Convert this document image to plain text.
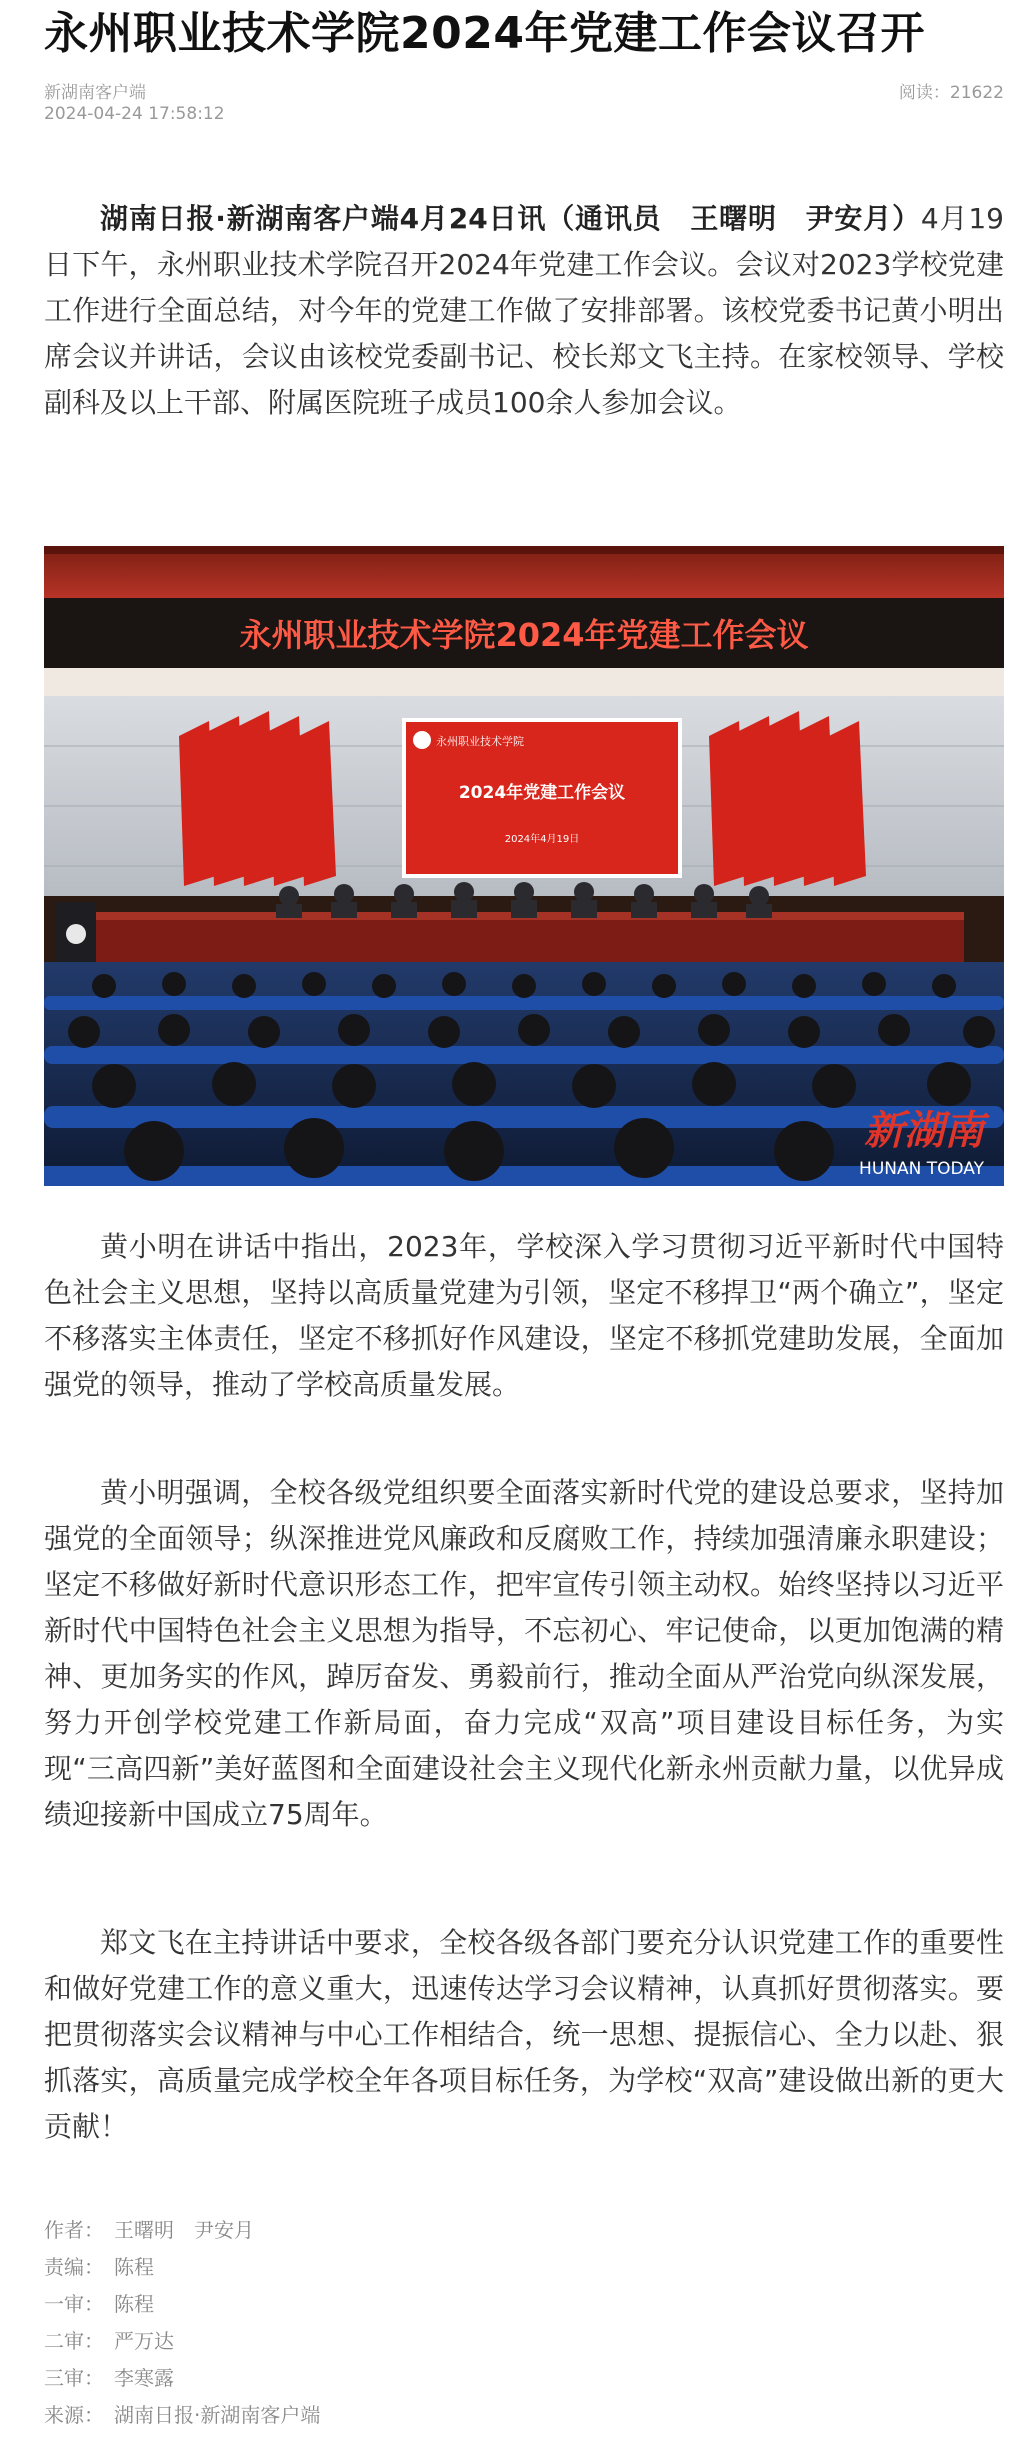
永州职业技术学院2024年党建工作会议召开
新湖南客户端
2024-04-24 17:58:12
阅读：21622

湖南日报·新湖南客户端4月24日讯（通讯员　王曙明　尹安月）4月19日下午，永州职业技术学院召开2024年党建工作会议。会议对2023学校党建工作进行全面总结，对今年的党建工作做了安排部署。该校党委书记黄小明出席会议并讲话，会议由该校党委副书记、校长郑文飞主持。在家校领导、学校副科及以上干部、附属医院班子成员100余人参加会议。

永州职业技术学院2024年党建工作会议
永州职业技术学院
2024年党建工作会议
2024年4月19日
新湖南
HUNAN TODAY

黄小明在讲话中指出，2023年，学校深入学习贯彻习近平新时代中国特色社会主义思想，坚持以高质量党建为引领，坚定不移捍卫“两个确立”，坚定不移落实主体责任，坚定不移抓好作风建设，坚定不移抓党建助发展，全面加强党的领导，推动了学校高质量发展。

黄小明强调，全校各级党组织要全面落实新时代党的建设总要求，坚持加强党的全面领导；纵深推进党风廉政和反腐败工作，持续加强清廉永职建设；坚定不移做好新时代意识形态工作，把牢宣传引领主动权。始终坚持以习近平新时代中国特色社会主义思想为指导，不忘初心、牢记使命，以更加饱满的精神、更加务实的作风，踔厉奋发、勇毅前行，推动全面从严治党向纵深发展，努力开创学校党建工作新局面，奋力完成“双高”项目建设目标任务，为实现“三高四新”美好蓝图和全面建设社会主义现代化新永州贡献力量，以优异成绩迎接新中国成立75周年。

郑文飞在主持讲话中要求，全校各级各部门要充分认识党建工作的重要性和做好党建工作的意义重大，迅速传达学习会议精神，认真抓好贯彻落实。要把贯彻落实会议精神与中心工作相结合，统一思想、提振信心、全力以赴、狠抓落实，高质量完成学校全年各项目标任务，为学校“双高”建设做出新的更大贡献！

作者： 王曙明　尹安月
责编： 陈程
一审： 陈程
二审： 严万达
三审： 李寒露
来源： 湖南日报·新湖南客户端
